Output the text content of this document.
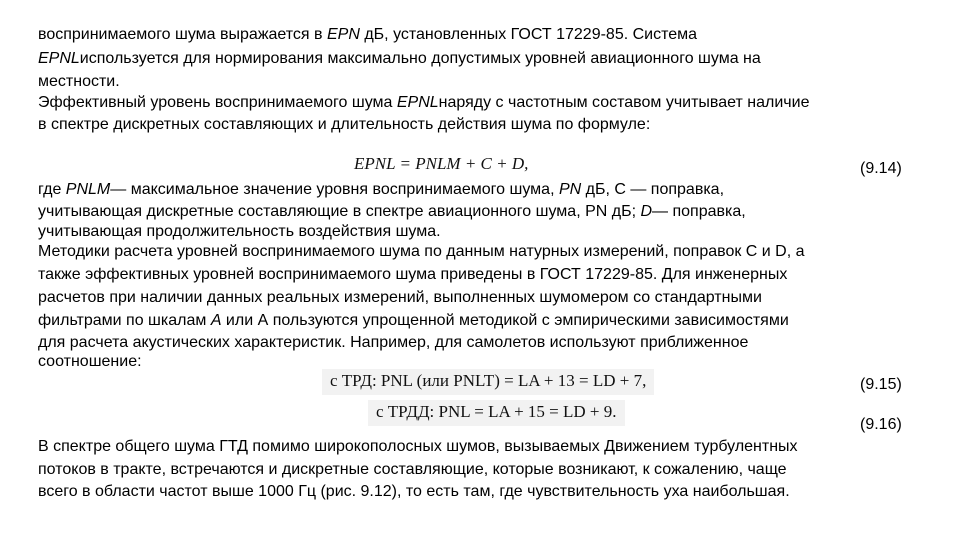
воспринимаемого шума выражается в EPN дБ, установленных ГОСТ 17229-85. Система
EPNLиспользуется для нормирования максимально допустимых уровней авиационного шума на
местности.
Эффективный уровень воспринимаемого шума EPNLнаряду с частотным составом учитывает наличие
в спектре дискретных составляющих и длительность действия шума по формуле:
EPNL = PNLM + C + D,	(9.14)
где PNLM— максимальное значение уровня воспринимаемого шума, PN дБ, С — поправка,
учитывающая дискретные составляющие в спектре авиационного шума, PN дБ; D— поправка,
учитывающая продолжительность воздействия шума.
Методики расчета уровней воспринимаемого шума по данным натурных измерений, поправок C и D, а
также эффективных уровней воспринимаемого шума приведены в ГОСТ 17229-85. Для инженерных
расчетов при наличии данных реальных измерений, выполненных шумомером со стандартными
фильтрами по шкалам А или А пользуются упрощенной методикой с эмпирическими зависимостями
для расчета акустических характеристик. Например, для самолетов используют приближенное
соотношение:
с ТРД: PNL (или PNLT) = LA + 13 = LD + 7,	(9.15)
с ТРДД: PNL = LA + 15 = LD + 9.
(9.16)
В спектре общего шума ГТД помимо широкополосных шумов, вызываемых Движением турбулентных
потоков в тракте, встречаются и дискретные составляющие, которые возникают, к сожалению, чаще
всего в области частот выше 1000 Гц (рис. 9.12), то есть там, где чувствительность уха наибольшая.
